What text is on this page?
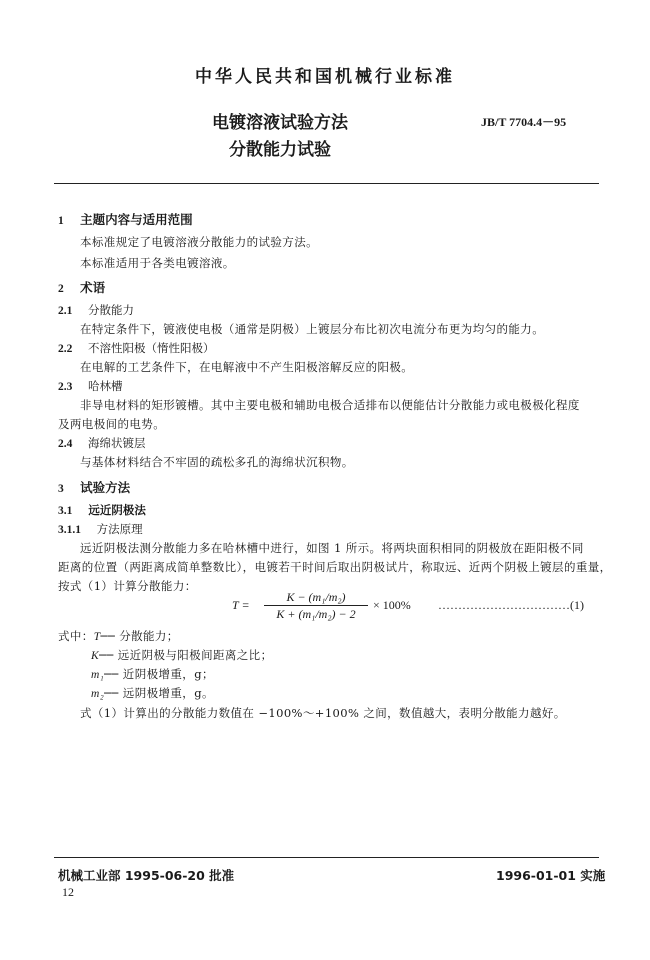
中华人民共和国机械行业标准
电镀溶液试验方法
分散能力试验
JB/T 7704.4－95
1 主题内容与适用范围
本标准规定了电镀溶液分散能力的试验方法。
本标准适用于各类电镀溶液。
2 术语
2.1 分散能力
在特定条件下，镀液使电极（通常是阴极）上镀层分布比初次电流分布更为均匀的能力。
2.2 不溶性阳极（惰性阳极）
在电解的工艺条件下，在电解液中不产生阳极溶解反应的阳极。
2.3 哈林槽
非导电材料的矩形镀槽。其中主要电极和辅助电极合适排布以便能估计分散能力或电极极化程度
及两电极间的电势。
2.4 海绵状镀层
与基体材料结合不牢固的疏松多孔的海绵状沉积物。
3 试验方法
3.1 远近阴极法
3.1.1 方法原理
远近阴极法测分散能力多在哈林槽中进行，如图 1 所示。将两块面积相同的阴极放在距阳极不同
距离的位置（两距离成简单整数比），电镀若干时间后取出阴极试片，称取远、近两个阴极上镀层的重量，
按式（1）计算分散能力：
T =
K − (m₁/m₂)
K + (m₁/m₂) − 2
× 100% ……………………………(1)
式中：T── 分散能力；
K── 远近阴极与阳极间距离之比；
m₁── 近阴极增重，g；
m₂── 远阴极增重，g。
式（1）计算出的分散能力数值在 −100%～+100% 之间，数值越大，表明分散能力越好。
机械工业部 1995-06-20 批准	1996-01-01 实施
12
